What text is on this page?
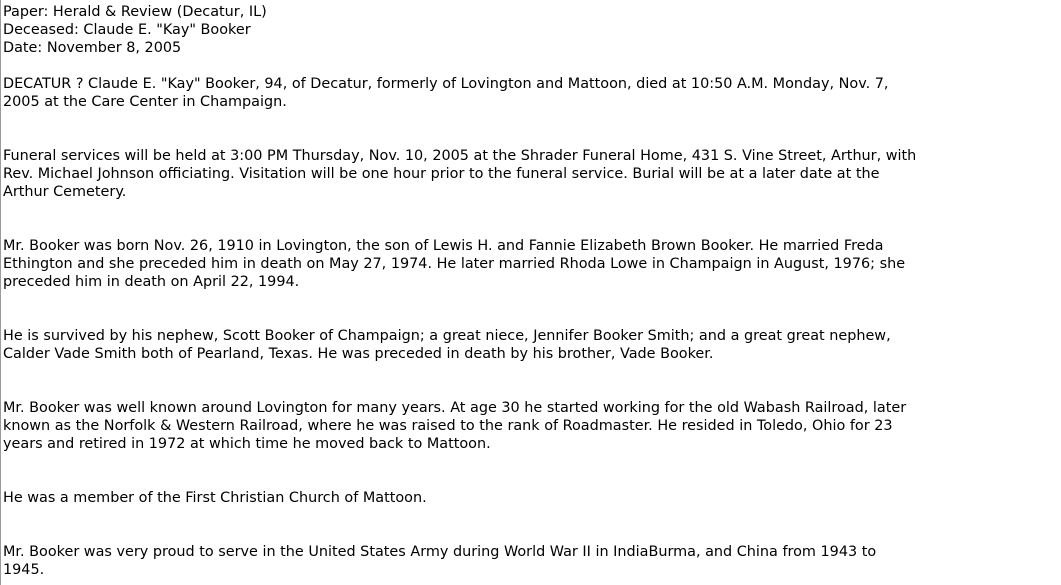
Paper: Herald & Review (Decatur, IL)
Deceased: Claude E. "Kay" Booker
Date: November 8, 2005
DECATUR ? Claude E. "Kay" Booker, 94, of Decatur, formerly of Lovington and Mattoon, died at 10:50 A.M. Monday, Nov. 7,
2005 at the Care Center in Champaign.
Funeral services will be held at 3:00 PM Thursday, Nov. 10, 2005 at the Shrader Funeral Home, 431 S. Vine Street, Arthur, with
Rev. Michael Johnson officiating. Visitation will be one hour prior to the funeral service. Burial will be at a later date at the
Arthur Cemetery.
Mr. Booker was born Nov. 26, 1910 in Lovington, the son of Lewis H. and Fannie Elizabeth Brown Booker. He married Freda
Ethington and she preceded him in death on May 27, 1974. He later married Rhoda Lowe in Champaign in August, 1976; she
preceded him in death on April 22, 1994.
He is survived by his nephew, Scott Booker of Champaign; a great niece, Jennifer Booker Smith; and a great great nephew,
Calder Vade Smith both of Pearland, Texas. He was preceded in death by his brother, Vade Booker.
Mr. Booker was well known around Lovington for many years. At age 30 he started working for the old Wabash Railroad, later
known as the Norfolk & Western Railroad, where he was raised to the rank of Roadmaster. He resided in Toledo, Ohio for 23
years and retired in 1972 at which time he moved back to Mattoon.
He was a member of the First Christian Church of Mattoon.
Mr. Booker was very proud to serve in the United States Army during World War II in IndiaBurma, and China from 1943 to
1945.
